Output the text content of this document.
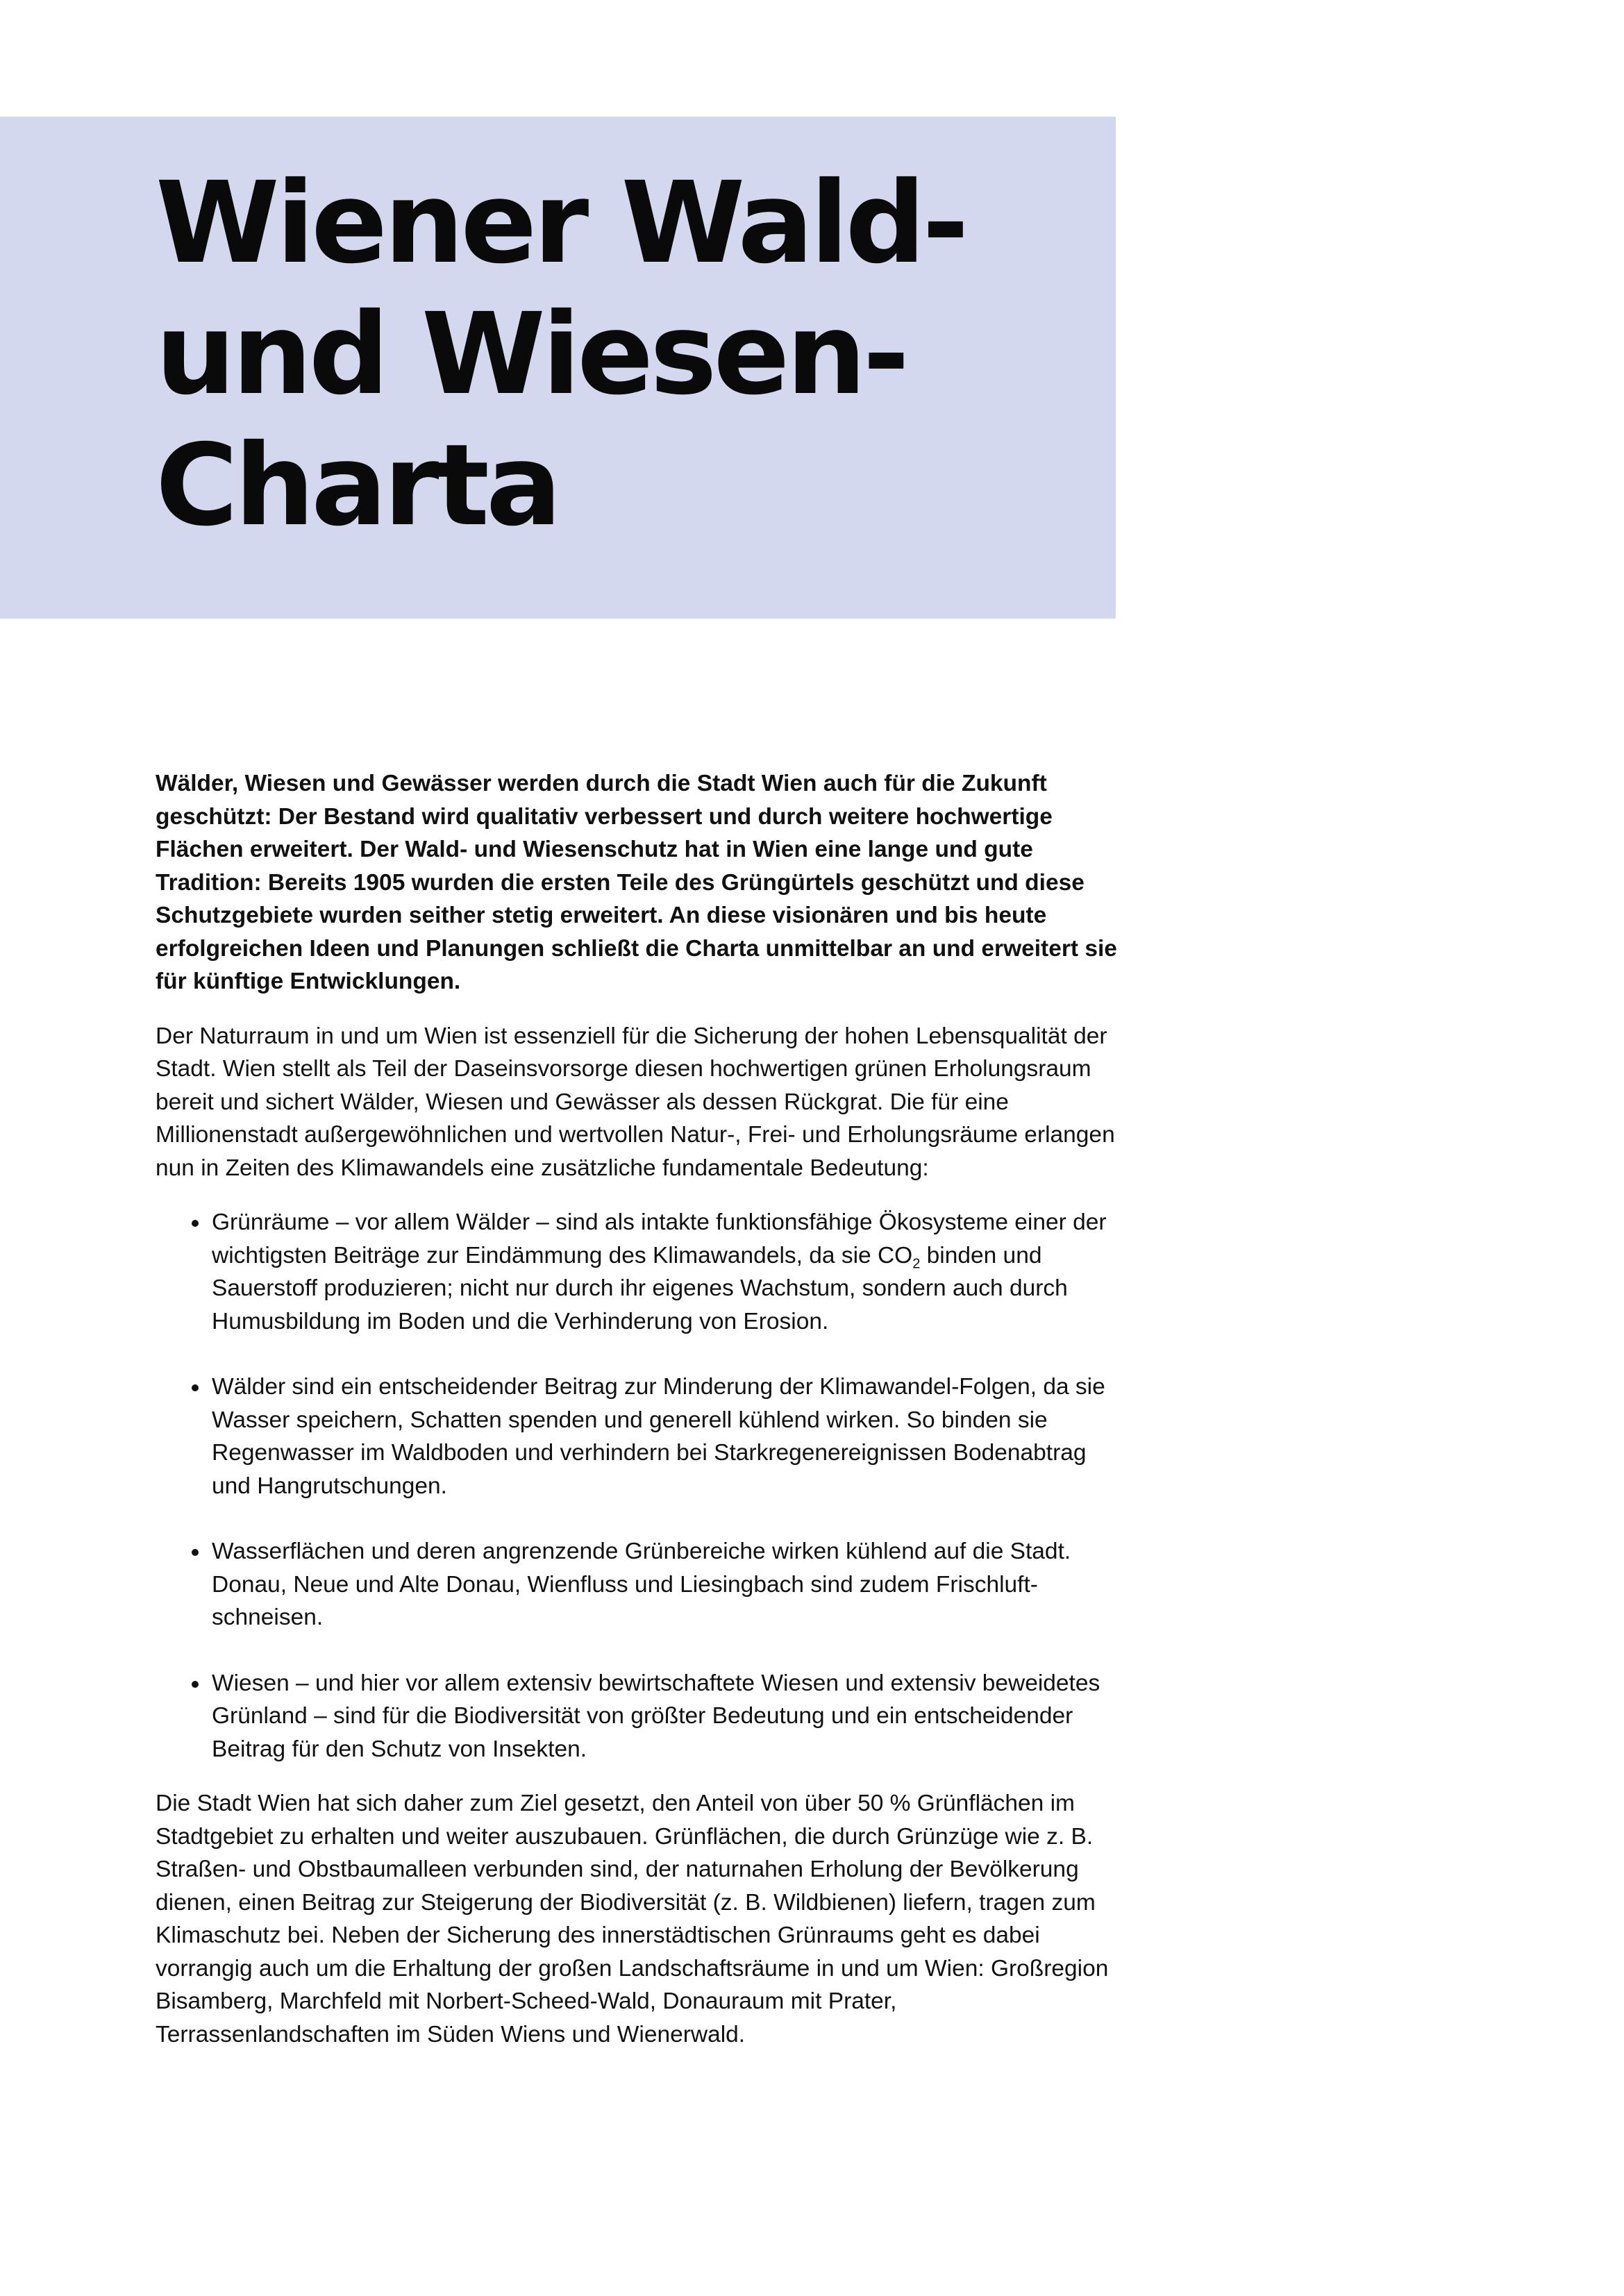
Wiener Wald-
und Wiesen-
Charta

Wälder, Wiesen und Gewässer werden durch die Stadt Wien auch für die Zukunft geschützt: Der Bestand wird qualitativ verbessert und durch weitere hochwertige Flächen erweitert. Der Wald- und Wiesenschutz hat in Wien eine lange und gute Tradition: Bereits 1905 wurden die ersten Teile des Grüngürtels geschützt und diese Schutzgebiete wurden seither stetig erweitert. An diese visionären und bis heute erfolgreichen Ideen und Planungen schließt die Charta unmittelbar an und erweitert sie für künftige Entwicklungen.

Der Naturraum in und um Wien ist essenziell für die Sicherung der hohen Lebensqualität der Stadt. Wien stellt als Teil der Daseinsvorsorge diesen hochwertigen grünen Erholungsraum bereit und sichert Wälder, Wiesen und Gewässer als dessen Rückgrat. Die für eine Millionenstadt außergewöhnlichen und wertvollen Natur-, Frei- und Erholungsräume erlangen nun in Zeiten des Klimawandels eine zusätzliche fundamentale Bedeutung:

Grünräume – vor allem Wälder – sind als intakte funktionsfähige Ökosysteme einer der wichtigsten Beiträge zur Eindämmung des Klimawandels, da sie $CO_2$ binden und Sauerstoff produzieren; nicht nur durch ihr eigenes Wachstum, sondern auch durch Humusbildung im Boden und die Verhinderung von Erosion.
Wälder sind ein entscheidender Beitrag zur Minderung der Klimawandel-Folgen, da sie Wasser speichern, Schatten spenden und generell kühlend wirken. So binden sie Regenwasser im Waldboden und verhindern bei Starkregenereignissen Bodenabtrag und Hangrutschungen.
Wasserflächen und deren angrenzende Grünbereiche wirken kühlend auf die Stadt. Donau, Neue und Alte Donau, Wienfluss und Liesingbach sind zudem Frischluftschneisen.
Wiesen – und hier vor allem extensiv bewirtschaftete Wiesen und extensiv beweidetes Grünland – sind für die Biodiversität von größter Bedeutung und ein entscheidender Beitrag für den Schutz von Insekten.

Die Stadt Wien hat sich daher zum Ziel gesetzt, den Anteil von über 50 % Grünflächen im Stadtgebiet zu erhalten und weiter auszubauen. Grünflächen, die durch Grünzüge wie z. B. Straßen- und Obstbaumalleen verbunden sind, der naturnahen Erholung der Bevölkerung dienen, einen Beitrag zur Steigerung der Biodiversität (z. B. Wildbienen) liefern, tragen zum Klimaschutz bei. Neben der Sicherung des innerstädtischen Grünraums geht es dabei vorrangig auch um die Erhaltung der großen Landschaftsräume in und um Wien: Großregion Bisamberg, Marchfeld mit Norbert-Scheed-Wald, Donauraum mit Prater, Terrassenlandschaften im Süden Wiens und Wienerwald.
